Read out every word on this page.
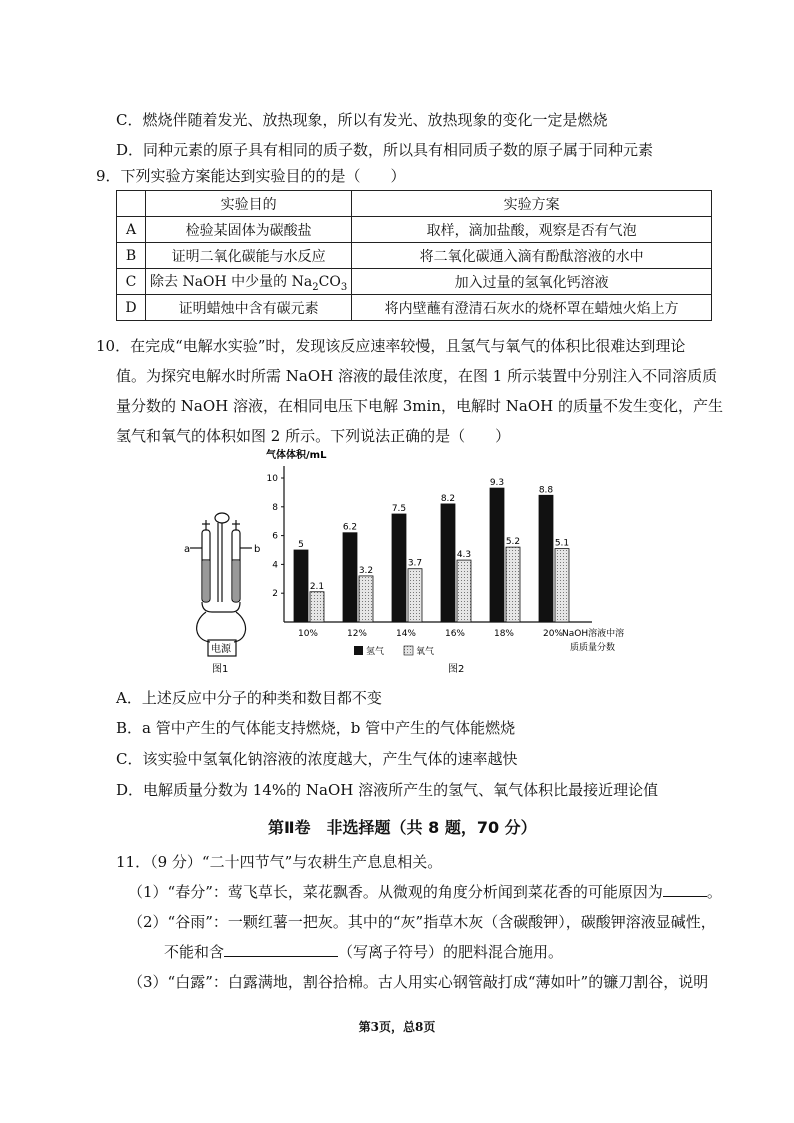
C．燃烧伴随着发光、放热现象，所以有发光、放热现象的变化一定是燃烧
D．同种元素的原子具有相同的质子数，所以具有相同质子数的原子属于同种元素
9．下列实验方案能达到实验目的的是（　　）
	实验目的	实验方案
A	检验某固体为碳酸盐	取样，滴加盐酸，观察是否有气泡
B	证明二氧化碳能与水反应	将二氧化碳通入滴有酚酞溶液的水中
C	除去 NaOH 中少量的 $Na_2CO_3$	加入过量的氢氧化钙溶液
D	证明蜡烛中含有碳元素	将内壁蘸有澄清石灰水的烧杯罩在蜡烛火焰上方
10．在完成“电解水实验”时，发现该反应速率较慢，且氢气与氧气的体积比很难达到理论
值。为探究电解水时所需 NaOH 溶液的最佳浓度，在图 1 所示装置中分别注入不同溶质质
量分数的 NaOH 溶液，在相同电压下电解 3min，电解时 NaOH 的质量不发生变化，产生
氢气和氧气的体积如图 2 所示。下列说法正确的是（　　）
a	b
电源
图1
2
4
6
8
10
气体体积/mL
5
2.1
10%
6.2
3.2
12%
7.5
3.7
14%
8.2
4.3
16%
9.3
5.2
18%
8.8
5.1
20%
NaOH溶液中溶
质质量分数
氢气	氧气
图2
A．上述反应中分子的种类和数目都不变
B．a 管中产生的气体能支持燃烧，b 管中产生的气体能燃烧
C．该实验中氢氧化钠溶液的浓度越大，产生气体的速率越快
D．电解质量分数为 14%的 NaOH 溶液所产生的氢气、氧气体积比最接近理论值
第Ⅱ卷　非选择题（共 8 题，70 分）
11．（9 分）“二十四节气”与农耕生产息息相关。
（1）“春分”：莺飞草长，菜花飘香。从微观的角度分析闻到菜花香的可能原因为	。
（2）“谷雨”：一颗红薯一把灰。其中的“灰”指草木灰（含碳酸钾），碳酸钾溶液显碱性，
不能和含	（写离子符号）的肥料混合施用。
（3）“白露”：白露满地，割谷拾棉。古人用实心钢管敲打成“薄如叶”的镰刀割谷，说明
第3页，总8页
